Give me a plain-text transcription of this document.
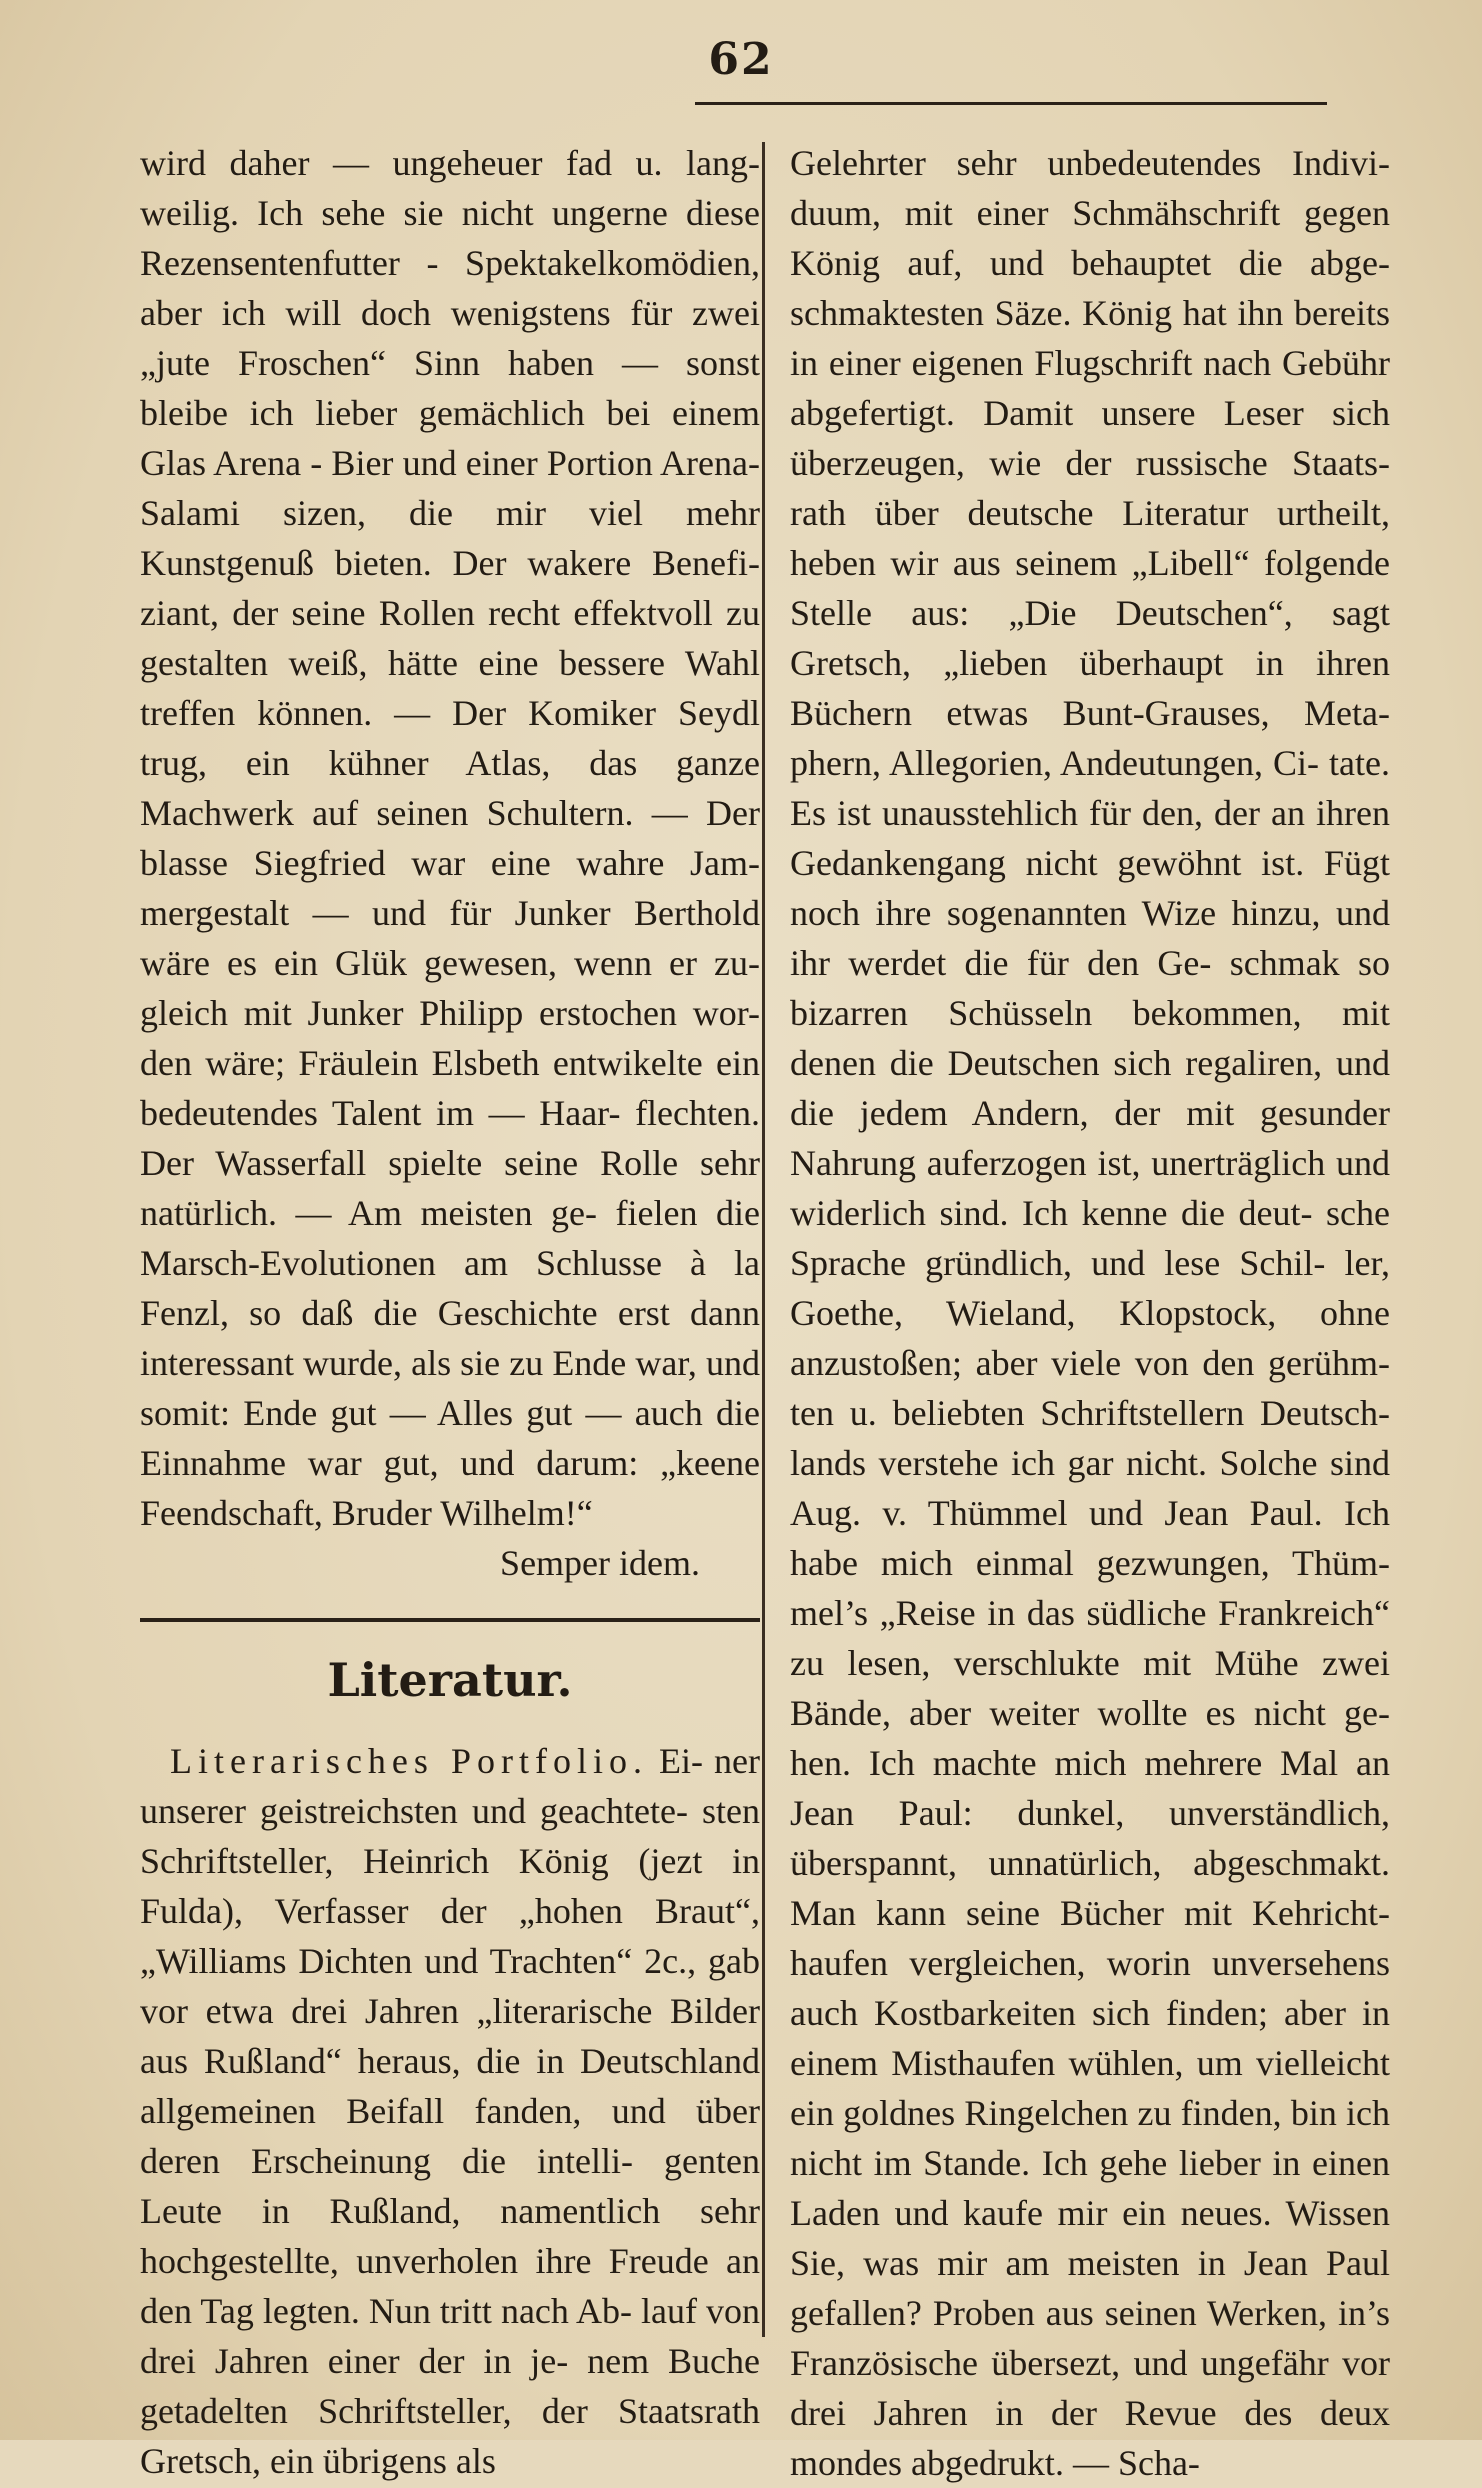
62

wird daher — ungeheuer fad u. lang- weilig. Ich sehe sie nicht ungerne diese Rezensentenfutter - Spektakelkomödien, aber ich will doch wenigstens für zwei „jute Froschen“ Sinn haben — sonst bleibe ich lieber gemächlich bei einem Glas Arena - Bier und einer Portion Arena-Salami sizen, die mir viel mehr Kunstgenuß bieten. Der wakere Benefi- ziant, der seine Rollen recht effektvoll zu gestalten weiß, hätte eine bessere Wahl treffen können. — Der Komiker Seydl trug, ein kühner Atlas, das ganze Machwerk auf seinen Schultern. — Der blasse Siegfried war eine wahre Jam- mergestalt — und für Junker Berthold wäre es ein Glük gewesen, wenn er zu- gleich mit Junker Philipp erstochen wor- den wäre; Fräulein Elsbeth entwikelte ein bedeutendes Talent im — Haar- flechten. Der Wasserfall spielte seine Rolle sehr natürlich. — Am meisten ge- fielen die Marsch-Evolutionen am Schlusse à la Fenzl, so daß die Geschichte erst dann interessant wurde, als sie zu Ende war, und somit: Ende gut — Alles gut — auch die Einnahme war gut, und darum: „keene Feendschaft, Bruder Wilhelm!“

Semper idem.

Literatur.

Literarisches Portfolio. Ei- ner unserer geistreichsten und geachtete- sten Schriftsteller, Heinrich König (jezt in Fulda), Verfasser der „hohen Braut“, „Williams Dichten und Trachten“ 2c., gab vor etwa drei Jahren „literarische Bilder aus Rußland“ heraus, die in Deutschland allgemeinen Beifall fanden, und über deren Erscheinung die intelli- genten Leute in Rußland, namentlich sehr hochgestellte, unverholen ihre Freude an den Tag legten. Nun tritt nach Ab- lauf von drei Jahren einer der in je- nem Buche getadelten Schriftsteller, der Staatsrath Gretsch, ein übrigens als

Gelehrter sehr unbedeutendes Indivi- duum, mit einer Schmähschrift gegen König auf, und behauptet die abge- schmaktesten Säze. König hat ihn bereits in einer eigenen Flugschrift nach Gebühr abgefertigt. Damit unsere Leser sich überzeugen, wie der russische Staats- rath über deutsche Literatur urtheilt, heben wir aus seinem „Libell“ folgende Stelle aus: „Die Deutschen“, sagt Gretsch, „lieben überhaupt in ihren Büchern etwas Bunt-Grauses, Meta- phern, Allegorien, Andeutungen, Ci- tate. Es ist unausstehlich für den, der an ihren Gedankengang nicht gewöhnt ist. Fügt noch ihre sogenannten Wize hinzu, und ihr werdet die für den Ge- schmak so bizarren Schüsseln bekommen, mit denen die Deutschen sich regaliren, und die jedem Andern, der mit gesunder Nahrung auferzogen ist, unerträglich und widerlich sind. Ich kenne die deut- sche Sprache gründlich, und lese Schil- ler, Goethe, Wieland, Klopstock, ohne anzustoßen; aber viele von den gerühm- ten u. beliebten Schriftstellern Deutsch- lands verstehe ich gar nicht. Solche sind Aug. v. Thümmel und Jean Paul. Ich habe mich einmal gezwungen, Thüm- mel’s „Reise in das südliche Frankreich“ zu lesen, verschlukte mit Mühe zwei Bände, aber weiter wollte es nicht ge- hen. Ich machte mich mehrere Mal an Jean Paul: dunkel, unverständlich, überspannt, unnatürlich, abgeschmakt. Man kann seine Bücher mit Kehricht- haufen vergleichen, worin unversehens auch Kostbarkeiten sich finden; aber in einem Misthaufen wühlen, um vielleicht ein goldnes Ringelchen zu finden, bin ich nicht im Stande. Ich gehe lieber in einen Laden und kaufe mir ein neues. Wissen Sie, was mir am meisten in Jean Paul gefallen? Proben aus seinen Werken, in’s Französische übersezt, und ungefähr vor drei Jahren in der Revue des deux mondes abgedrukt. — Scha-
